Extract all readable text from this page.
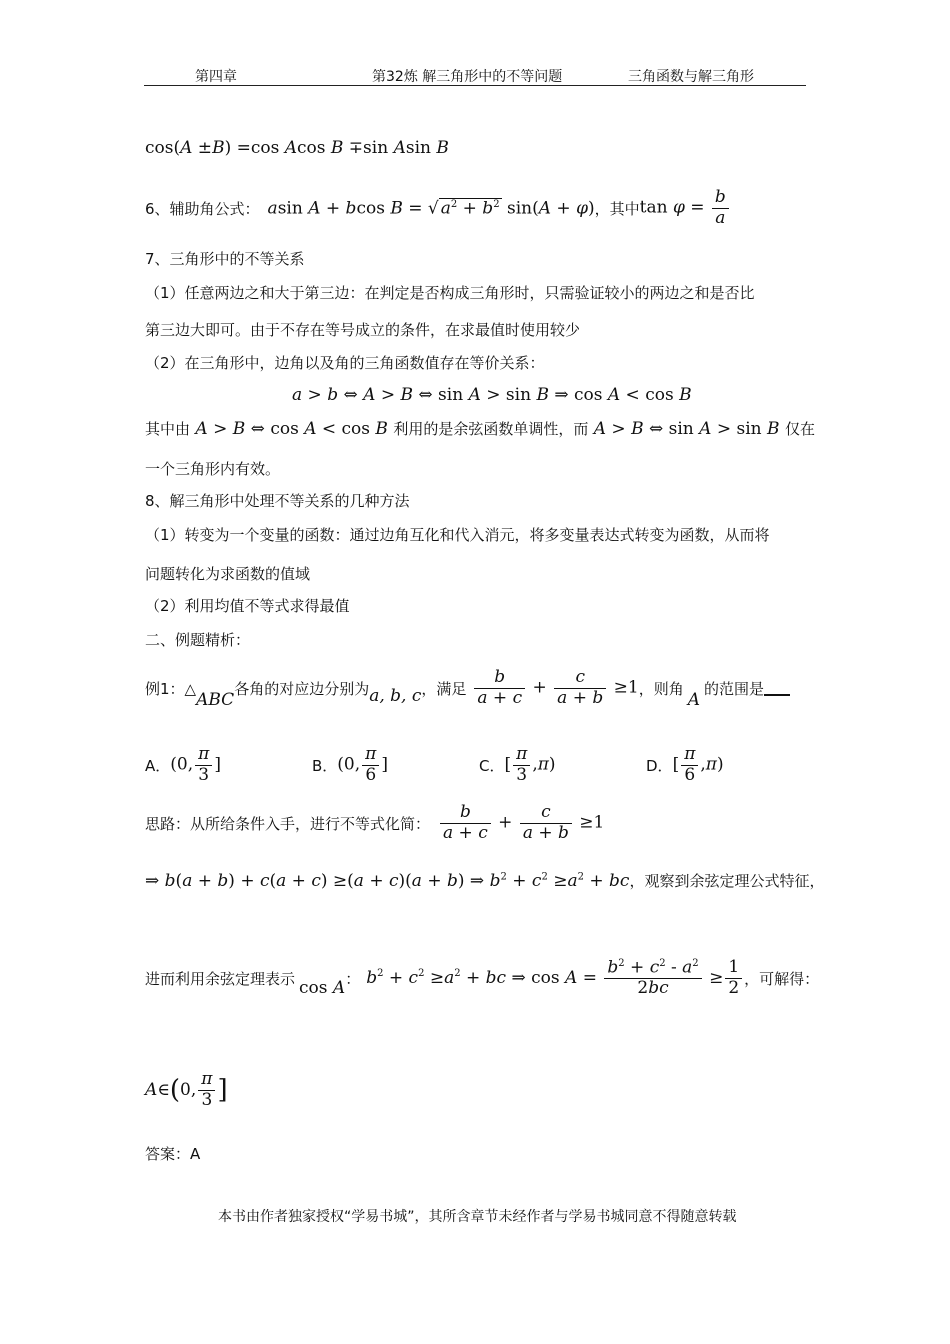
第四章	第32炼 解三角形中的不等问题	三角函数与解三角形
cos(A ±B) =cos Acos B ∓sin Asin B
6、辅助角公式： asin A + bcos B = √ $a^2 + b^2$ sin(A + φ) ，其中 $\tan \varphi = \frac{b}{a}$
7、三角形中的不等关系
（1）任意两边之和大于第三边：在判定是否构成三角形时，只需验证较小的两边之和是否比
第三边大即可。由于不存在等号成立的条件，在求最值时使用较少
（2）在三角形中，边角以及角的三角函数值存在等价关系：
a > b ⇔ A > B ⇔ sin A > sin B ⇒ cos A < cos B
其中由 A > B ⇔ cos A < cos B 利用的是余弦函数单调性，而 A > B ⇔ sin A > sin B 仅在
一个三角形内有效。
8、解三角形中处理不等关系的几种方法
（1）转变为一个变量的函数：通过边角互化和代入消元，将多变量表达式转变为函数，从而将
问题转化为求函数的值域
（2）利用均值不等式求得最值
二、例题精析：
例1：△
ABC
各角的对应边分别为 a, b, c ，满足 $\frac{b}{a + c} + \frac{c}{a + b} \ge 1$ ，则角
A
的范围是
A． (0, $\frac{\pi}{3}$ ]	B． (0, $\frac{\pi}{6}$ ]	C． [ $\frac{\pi}{3} ,\pi$)	D． [ $\frac{\pi}{6} ,\pi$)
思路：从所给条件入手，进行不等式化简： $\frac{b}{a + c} + \frac{c}{a + b} \ge 1$
⇒ b(a + b) + c(a + c) ≥(a + c)(a + b) ⇒ $b^2 + c^2 \ge a^2$ + bc ，观察到余弦定理公式特征，
进而利用余弦定理表示 cos A ： $b^2 + c^2 \ge a^2$ + bc ⇒ $\cos A = \frac{b^2 + c^2 - a^2}{2bc} \ge \frac{1}{2}$ ，可解得：
A ∈ ( 0, $\frac{\pi}{3}$ ]
答案：A
本书由作者独家授权“学易书城”，其所含章节未经作者与学易书城同意不得随意转载
